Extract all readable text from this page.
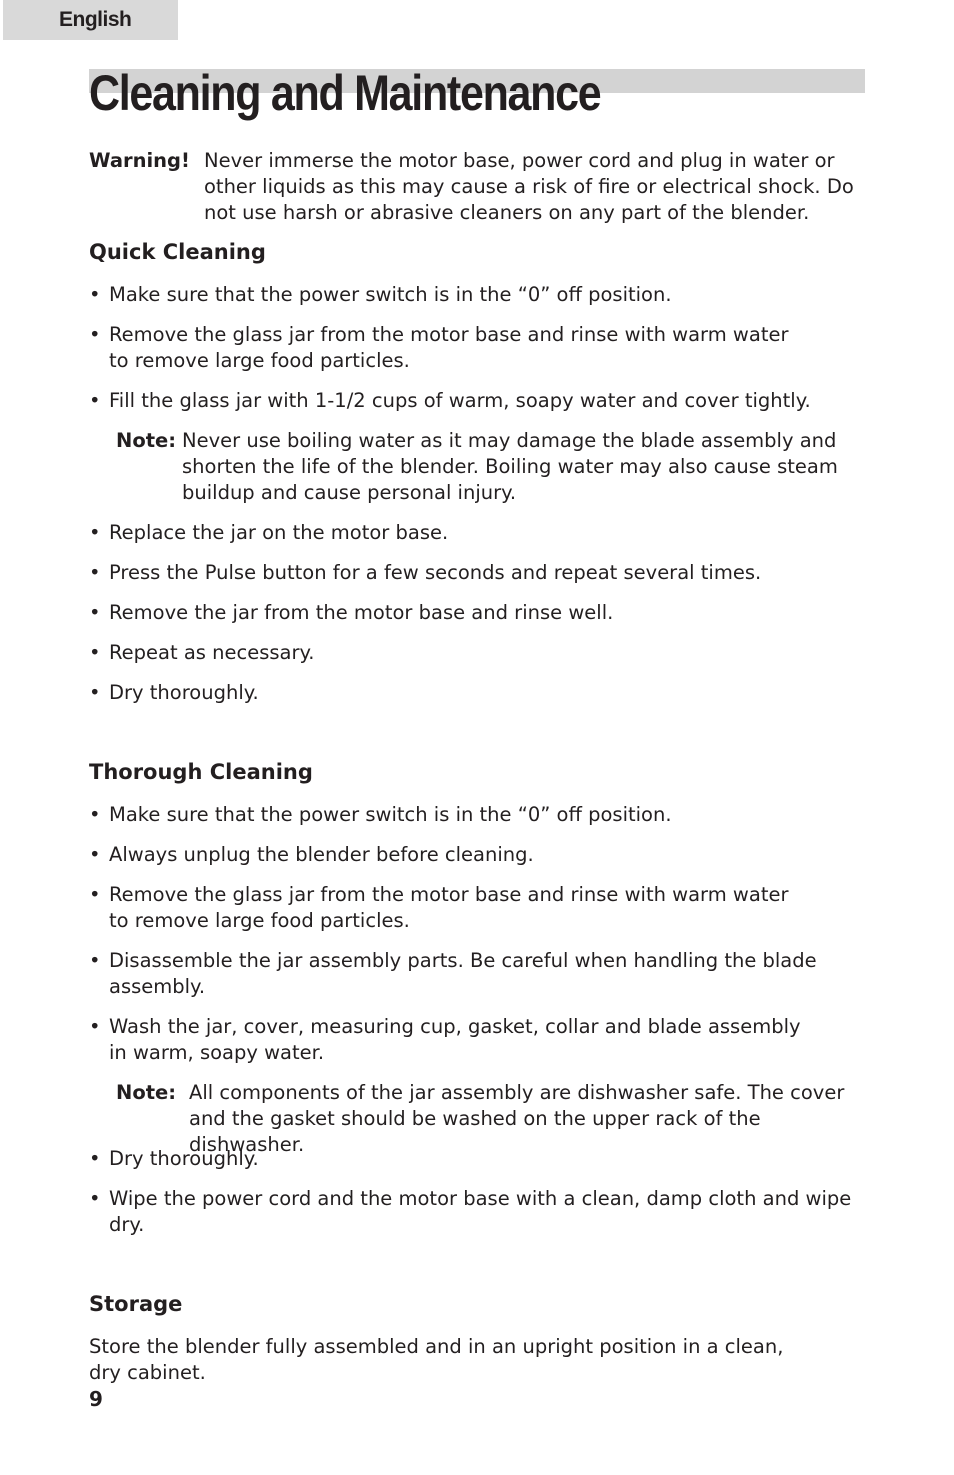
English
Cleaning and Maintenance
Warning! Never immerse the motor base, power cord and plug in water or other liquids as this may cause a risk of fire or electrical shock. Do not use harsh or abrasive cleaners on any part of the blender.
Quick Cleaning
• Make sure that the power switch is in the “0” off position.
• Remove the glass jar from the motor base and rinse with warm water to remove large food particles.
• Fill the glass jar with 1-1/2 cups of warm, soapy water and cover tightly.
Note: Never use boiling water as it may damage the blade assembly and shorten the life of the blender. Boiling water may also cause steam buildup and cause personal injury.
• Replace the jar on the motor base.
• Press the Pulse button for a few seconds and repeat several times.
• Remove the jar from the motor base and rinse well.
• Repeat as necessary.
• Dry thoroughly.
Thorough Cleaning
• Make sure that the power switch is in the “0” off position.
• Always unplug the blender before cleaning.
• Remove the glass jar from the motor base and rinse with warm water to remove large food particles.
• Disassemble the jar assembly parts. Be careful when handling the blade assembly.
• Wash the jar, cover, measuring cup, gasket, collar and blade assembly in warm, soapy water.
Note: All components of the jar assembly are dishwasher safe. The cover and the gasket should be washed on the upper rack of the dishwasher.
• Dry thoroughly.
• Wipe the power cord and the motor base with a clean, damp cloth and wipe dry.
Storage

Store the blender fully assembled and in an upright position in a clean, dry cabinet.

9
